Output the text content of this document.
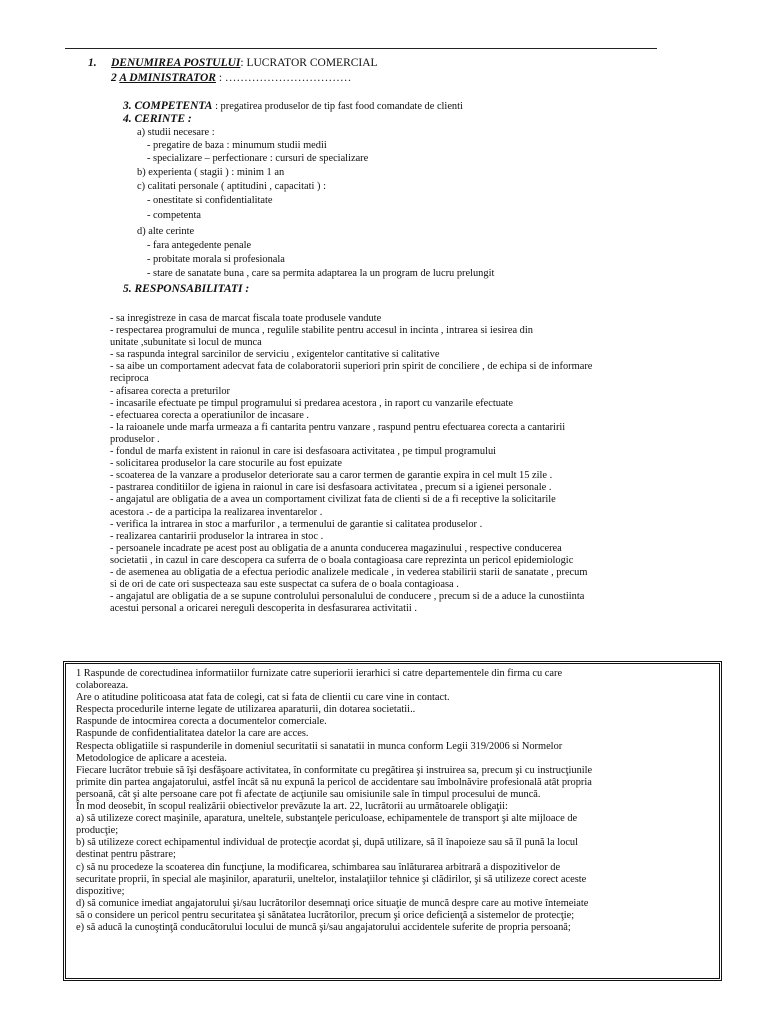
1. DENUMIREA POSTULUI: LUCRATOR COMERCIAL
2 A DMINISTRATOR : ……………………………
3. COMPETENTA : pregatirea produselor de tip fast food comandate de clienti
4. CERINTE :
a) studii necesare :
- pregatire de baza : minumum studii medii
- specializare – perfectionare : cursuri de specializare
b) experienta ( stagii ) : minim 1 an
c) calitati personale ( aptitudini , capacitati ) :
- onestitate si confidentialitate
- competenta
d) alte cerinte
- fara antegedente penale
- probitate morala si profesionala
- stare de sanatate buna , care sa permita adaptarea la un program de lucru prelungit
5. RESPONSABILITATI :
- sa inregistreze in casa de marcat fiscala toate produsele vandute
- respectarea programului de munca , regulile stabilite pentru accesul in incinta , intrarea si iesirea din
unitate ,subunitate si locul de munca
- sa raspunda integral sarcinilor de serviciu , exigentelor cantitative si calitative
- sa aibe un comportament adecvat fata de colaboratorii superiori prin spirit de conciliere , de echipa si de informare
reciproca
- afisarea corecta a preturilor
- incasarile efectuate pe timpul programului si predarea acestora , in raport cu vanzarile efectuate
- efectuarea corecta a operatiunilor de incasare .
- la raioanele unde marfa urmeaza a fi cantarita pentru vanzare , raspund pentru efectuarea corecta a cantaririi
produselor .
- fondul de marfa existent in raionul in care isi desfasoara activitatea , pe timpul programului
- solicitarea produselor la care stocurile au fost epuizate
- scoaterea de la vanzare a produselor deteriorate sau a caror termen de garantie expira in cel mult 15 zile .
- pastrarea conditiilor de igiena in raionul in care isi desfasoara activitatea , precum si a igienei personale .
- angajatul are obligatia de a avea un comportament civilizat fata de clienti si de a fi receptive la solicitarile
acestora .- de a participa la realizarea inventarelor .
- verifica la intrarea in stoc a marfurilor , a termenului de garantie si calitatea produselor .
- realizarea cantaririi produselor la intrarea in stoc .
- persoanele incadrate pe acest post au obligatia de a anunta conducerea magazinului , respective conducerea
societatii , in cazul in care descopera ca suferra de o boala contagioasa care reprezinta un pericol epidemiologic
- de asemenea au obligatia de a efectua periodic analizele medicale , in vederea stabilirii starii de sanatate , precum
si de ori de cate ori suspecteaza sau este suspectat ca sufera de o boala contagioasa .
- angajatul are obligatia de a se supune controlului personalului de conducere , precum si de a aduce la cunostiinta
acestui personal a oricarei nereguli descoperita in desfasurarea activitatii .
1 Raspunde de corectudinea informatiilor furnizate catre superiorii ierarhici si catre departementele din firma cu care
colaboreaza.
Are o atitudine politicoasa atat fata de colegi, cat si fata de clientii cu care vine in contact.
Respecta procedurile interne legate de utilizarea aparaturii, din dotarea societatii..
Raspunde de intocmirea corecta a documentelor comerciale.
Raspunde de confidentialitatea datelor la care are acces.
Respecta obligatiile si raspunderile in domeniul securitatii si sanatatii in munca conform Legii 319/2006 si Normelor
Metodologice de aplicare a acesteia.
Fiecare lucrător trebuie să îşi desfăşoare activitatea, în conformitate cu pregătirea şi instruirea sa, precum şi cu instrucţiunile
primite din partea angajatorului, astfel încât să nu expună la pericol de accidentare sau îmbolnăvire profesională atât propria
persoană, cât şi alte persoane care pot fi afectate de acţiunile sau omisiunile sale în timpul procesului de muncă.
În mod deosebit, în scopul realizării obiectivelor prevăzute la art. 22, lucrătorii au următoarele obligaţii:
a) să utilizeze corect maşinile, aparatura, uneltele, substanţele periculoase, echipamentele de transport şi alte mijloace de
producţie;
b) să utilizeze corect echipamentul individual de protecţie acordat şi, după utilizare, să îl înapoieze sau să îl pună la locul
destinat pentru păstrare;
c) să nu procedeze la scoaterea din funcţiune, la modificarea, schimbarea sau înlăturarea arbitrară a dispozitivelor de
securitate proprii, în special ale maşinilor, aparaturii, uneltelor, instalaţiilor tehnice şi clădirilor, şi să utilizeze corect aceste
dispozitive;
d) să comunice imediat angajatorului şi/sau lucrătorilor desemnaţi orice situaţie de muncă despre care au motive întemeiate
să o considere un pericol pentru securitatea şi sănătatea lucrătorilor, precum şi orice deficienţă a sistemelor de protecţie;
e) să aducă la cunoştinţă conducătorului locului de muncă şi/sau angajatorului accidentele suferite de propria persoană;
